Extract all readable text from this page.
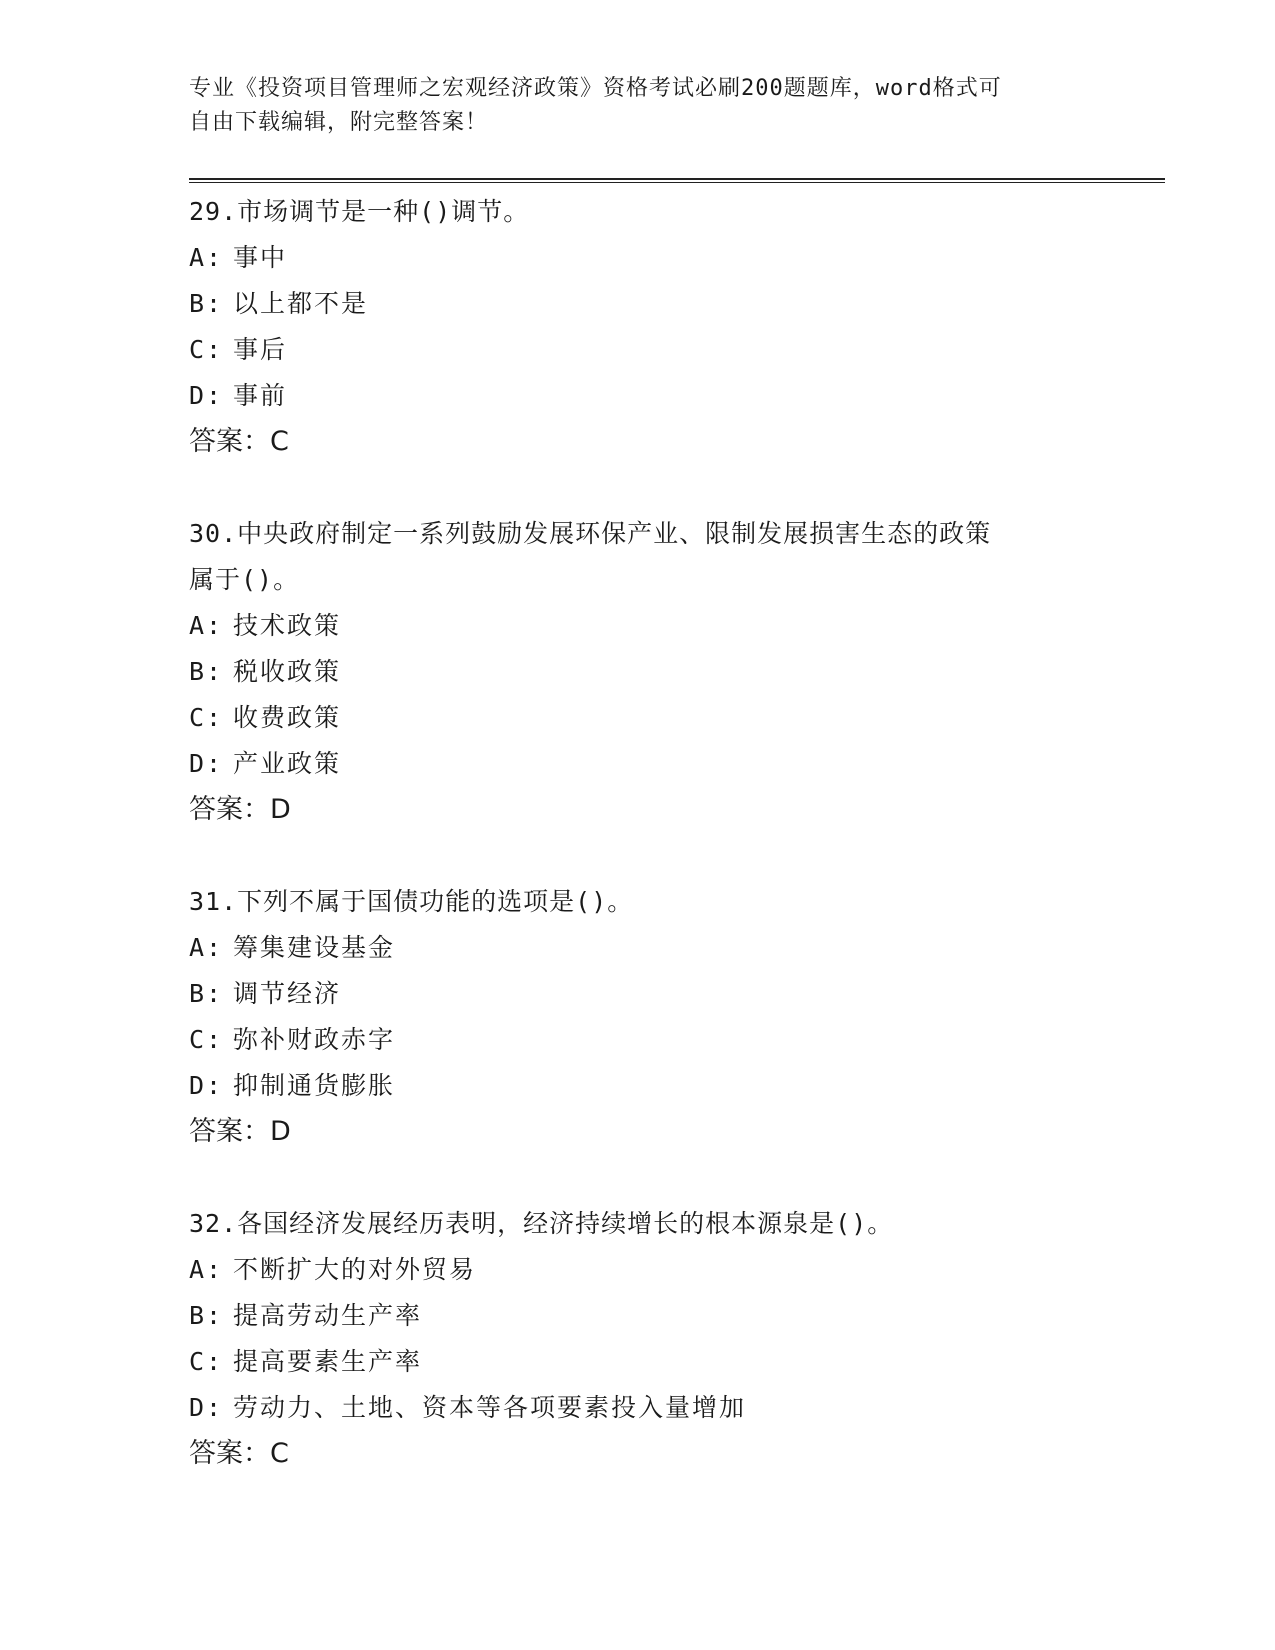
专业《投资项目管理师之宏观经济政策》资格考试必刷200题题库，word格式可
自由下载编辑，附完整答案！
29.市场调节是一种()调节。
A: 事中
B: 以上都不是
C: 事后
D: 事前
答案：C
30.中央政府制定一系列鼓励发展环保产业、限制发展损害生态的政策
属于()。
A: 技术政策
B: 税收政策
C: 收费政策
D: 产业政策
答案：D
31.下列不属于国债功能的选项是()。
A: 筹集建设基金
B: 调节经济
C: 弥补财政赤字
D: 抑制通货膨胀
答案：D
32.各国经济发展经历表明，经济持续增长的根本源泉是()。
A: 不断扩大的对外贸易
B: 提高劳动生产率
C: 提高要素生产率
D: 劳动力、土地、资本等各项要素投入量增加
答案：C
